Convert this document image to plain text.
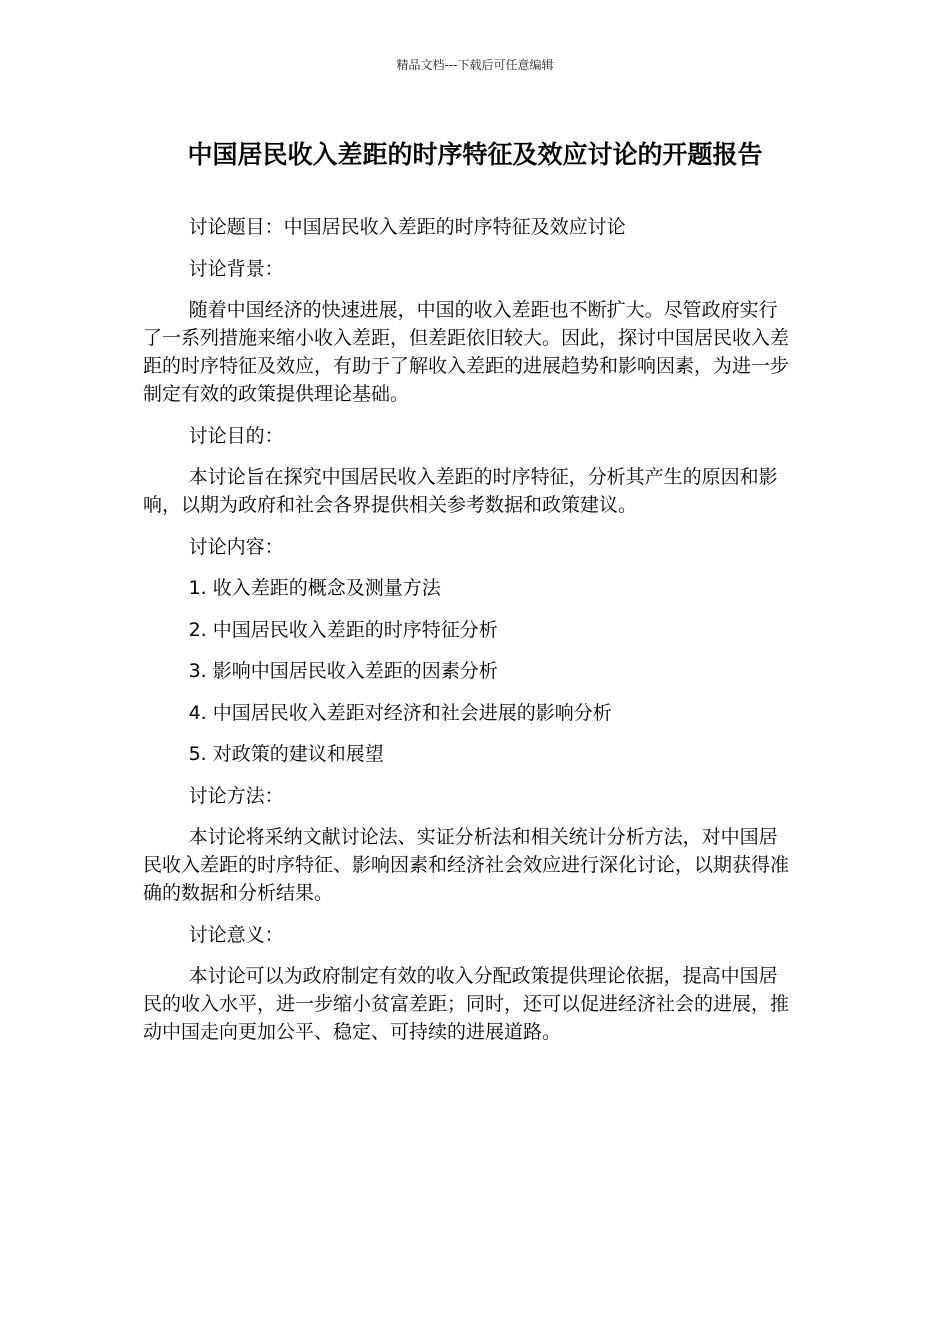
精品文档---下载后可任意编辑
中国居民收入差距的时序特征及效应讨论的开题报告

讨论题目：中国居民收入差距的时序特征及效应讨论

讨论背景：

随着中国经济的快速进展，中国的收入差距也不断扩大。尽管政府实行了一系列措施来缩小收入差距，但差距依旧较大。因此，探讨中国居民收入差距的时序特征及效应，有助于了解收入差距的进展趋势和影响因素，为进一步制定有效的政策提供理论基础。

讨论目的：

本讨论旨在探究中国居民收入差距的时序特征，分析其产生的原因和影响，以期为政府和社会各界提供相关参考数据和政策建议。

讨论内容：

1. 收入差距的概念及测量方法

2. 中国居民收入差距的时序特征分析

3. 影响中国居民收入差距的因素分析

4. 中国居民收入差距对经济和社会进展的影响分析

5. 对政策的建议和展望

讨论方法：

本讨论将采纳文献讨论法、实证分析法和相关统计分析方法，对中国居民收入差距的时序特征、影响因素和经济社会效应进行深化讨论，以期获得准确的数据和分析结果。

讨论意义：

本讨论可以为政府制定有效的收入分配政策提供理论依据，提高中国居民的收入水平，进一步缩小贫富差距；同时，还可以促进经济社会的进展，推动中国走向更加公平、稳定、可持续的进展道路。
